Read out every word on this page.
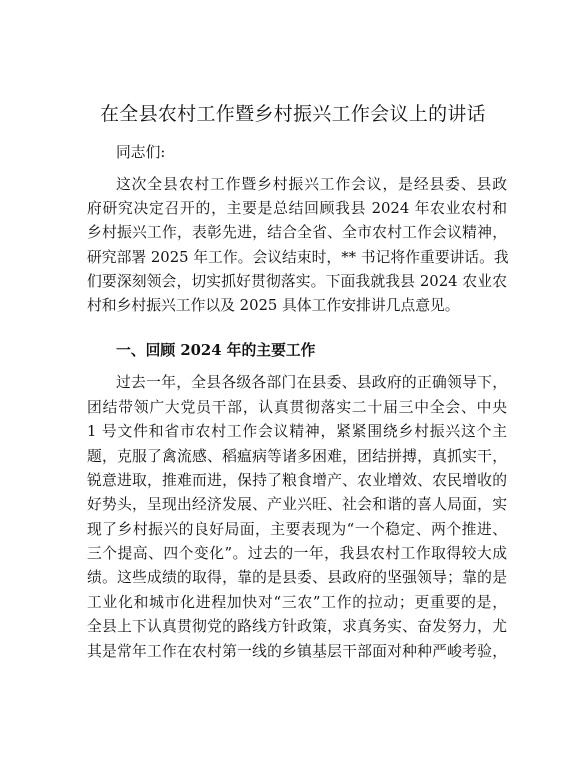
在全县农村工作暨乡村振兴工作会议上的讲话
同志们:
这次全县农村工作暨乡村振兴工作会议，是经县委、县政
府研究决定召开的，主要是总结回顾我县 2024 年农业农村和
乡村振兴工作，表彰先进，结合全省、全市农村工作会议精神，
研究部署 2025 年工作。会议结束时，** 书记将作重要讲话。我
们要深刻领会，切实抓好贯彻落实。下面我就我县 2024 农业农
村和乡村振兴工作以及 2025 具体工作安排讲几点意见。
一、回顾 2024 年的主要工作
过去一年，全县各级各部门在县委、县政府的正确领导下，
团结带领广大党员干部，认真贯彻落实二十届三中全会、中央
1 号文件和省市农村工作会议精神，紧紧围绕乡村振兴这个主
题，克服了禽流感、稻瘟病等诸多困难，团结拼搏，真抓实干，
锐意进取，推难而进，保持了粮食增产、农业增效、农民增收的
好势头，呈现出经济发展、产业兴旺、社会和谐的喜人局面，实
现了乡村振兴的良好局面，主要表现为“一个稳定、两个推进、
三个提高、四个变化”。过去的一年，我县农村工作取得较大成
绩。这些成绩的取得，靠的是县委、县政府的坚强领导；靠的是
工业化和城市化进程加快对“三农”工作的拉动；更重要的是，
全县上下认真贯彻党的路线方针政策，求真务实、奋发努力，尤
其是常年工作在农村第一线的乡镇基层干部面对种种严峻考验，
